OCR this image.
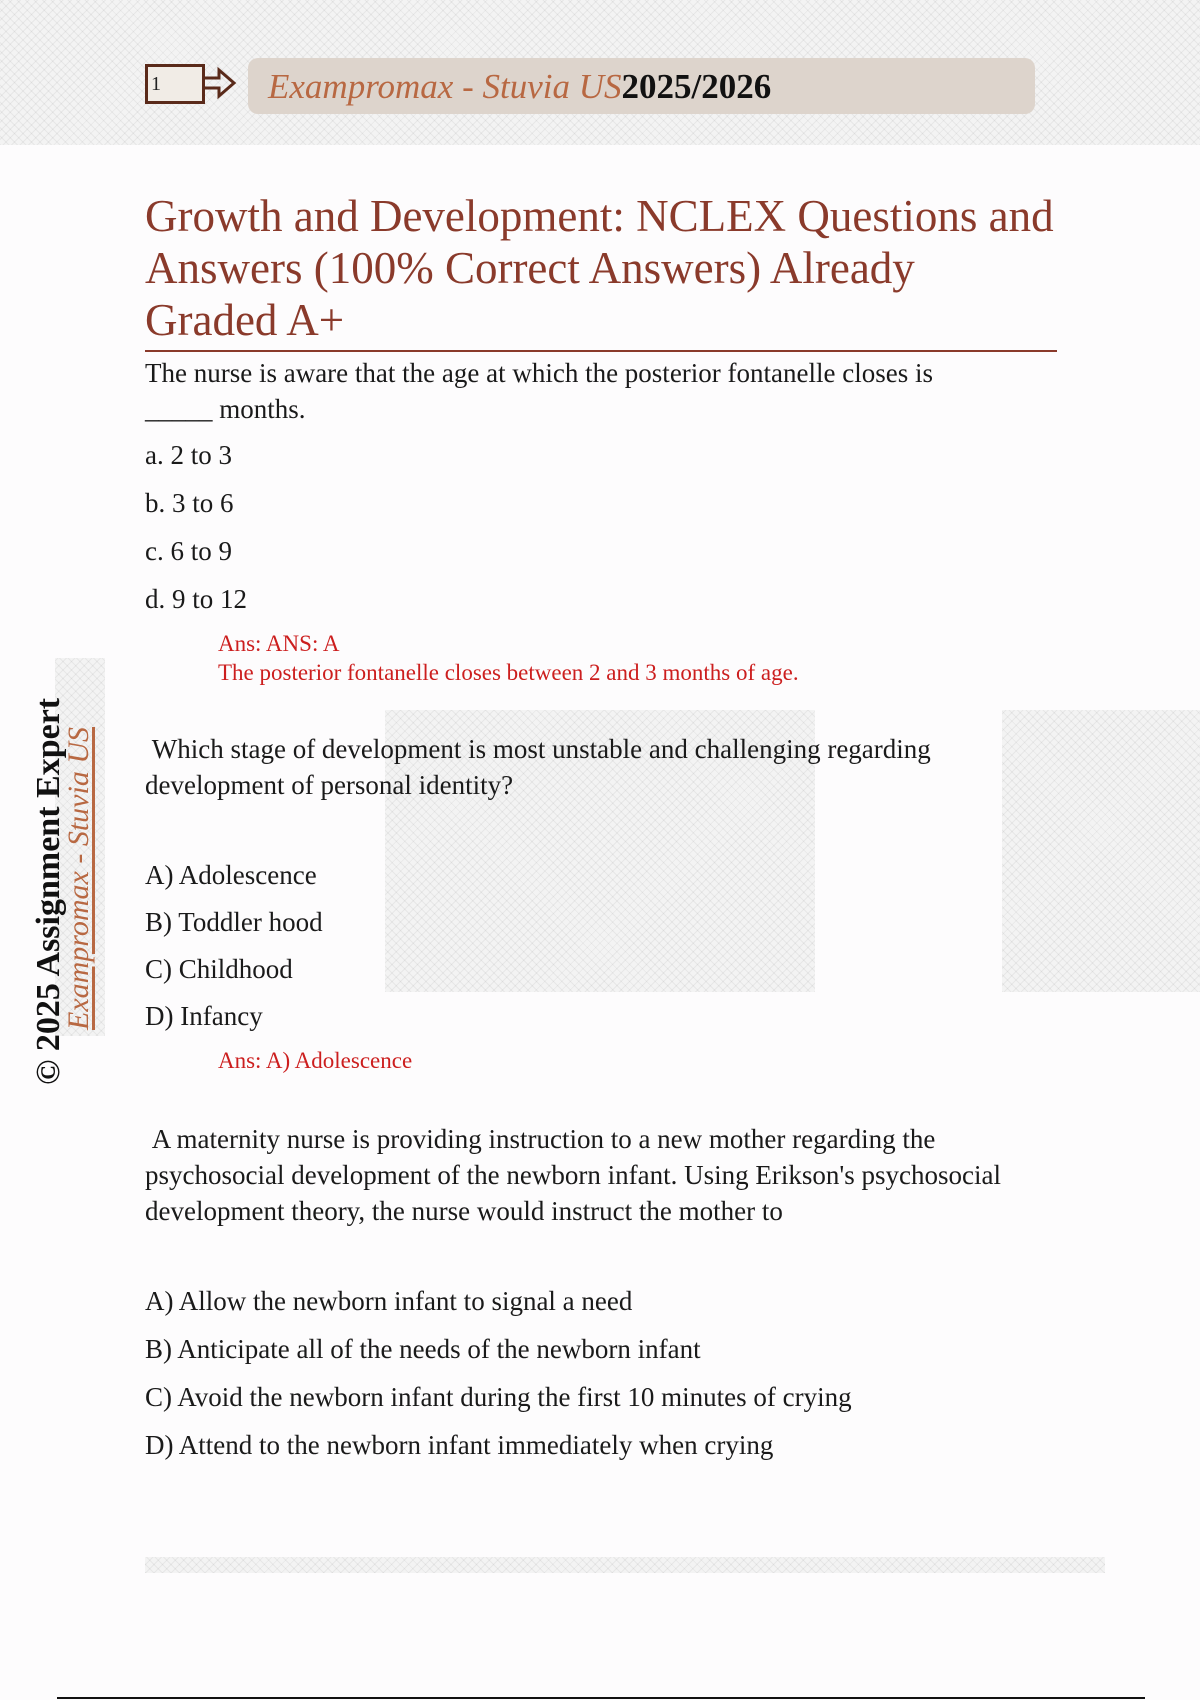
1	Exampromax - Stuvia US2025/2026
© 2025 Assignment Expert
Exampromax - Stuvia US
Growth and Development: NCLEX Questions and Answers (100% Correct Answers) Already Graded A+
The nurse is aware that the age at which the posterior fontanelle closes is
_____ months.
a. 2 to 3
b. 3 to 6
c. 6 to 9
d. 9 to 12
Ans: ANS: A
The posterior fontanelle closes between 2 and 3 months of age.
Which stage of development is most unstable and challenging regarding development of personal identity?
A) Adolescence
B) Toddler hood
C) Childhood
D) Infancy
Ans: A) Adolescence
A maternity nurse is providing instruction to a new mother regarding the psychosocial development of the newborn infant. Using Erikson's psychosocial development theory, the nurse would instruct the mother to
A) Allow the newborn infant to signal a need
B) Anticipate all of the needs of the newborn infant
C) Avoid the newborn infant during the first 10 minutes of crying
D) Attend to the newborn infant immediately when crying
